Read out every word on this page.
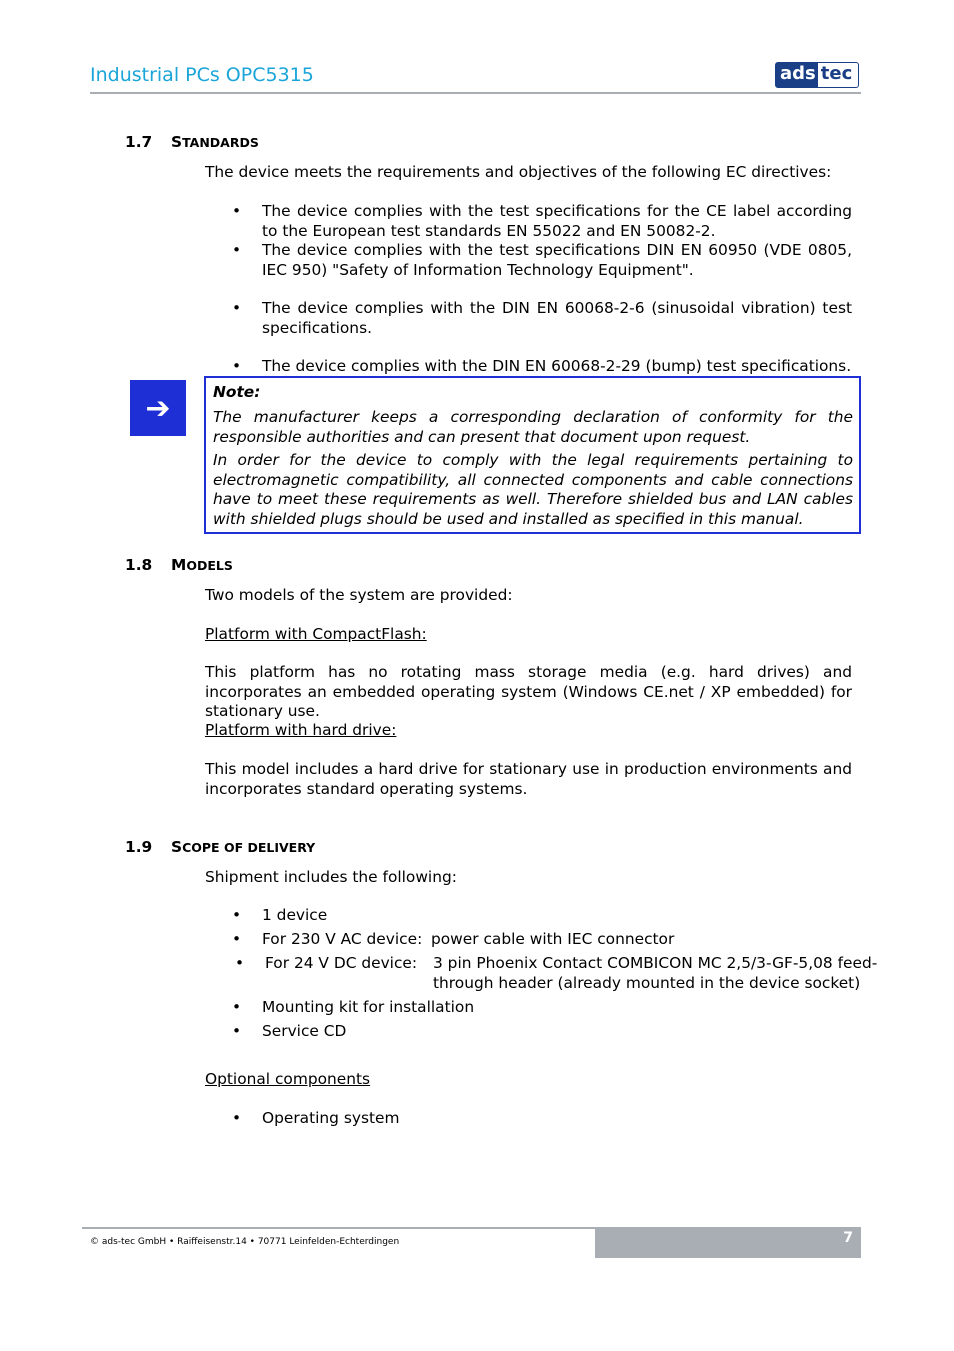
Industrial PCs OPC5315	ads tec
1.7 STANDARDS
The device meets the requirements and objectives of the following EC directives:
• The device complies with the test specifications for the CE label according to the European test standards EN 55022 and EN 50082-2.
• The device complies with the test specifications DIN EN 60950 (VDE 0805, IEC 950) "Safety of Information Technology Equipment".
• The device complies with the DIN EN 60068-2-6 (sinusoidal vibration) test specifications.
• The device complies with the DIN EN 60068-2-29 (bump) test specifications.
➔	Note:
The manufacturer keeps a corresponding declaration of conformity for the responsible authorities and can present that document upon request.
In order for the device to comply with the legal requirements pertaining to electromagnetic compatibility, all connected components and cable connections have to meet these requirements as well. Therefore shielded bus and LAN cables with shielded plugs should be used and installed as specified in this manual.
1.8 MODELS
Two models of the system are provided:
Platform with CompactFlash:
This platform has no rotating mass storage media (e.g. hard drives) and incorporates an embedded operating system (Windows CE.net / XP embedded) for stationary use.
Platform with hard drive:
This model includes a hard drive for stationary use in production environments and incorporates standard operating systems.
1.9 SCOPE OF DELIVERY
Shipment includes the following:
• 1 device
• For 230 V AC device: power cable with IEC connector
• For 24 V DC device: 3 pin Phoenix Contact COMBICON MC 2,5/3-GF-5,08 feed-
through header (already mounted in the device socket)
• Mounting kit for installation
• Service CD
Optional components
• Operating system
© ads-tec GmbH • Raiffeisenstr.14 • 70771 Leinfelden-Echterdingen	7
